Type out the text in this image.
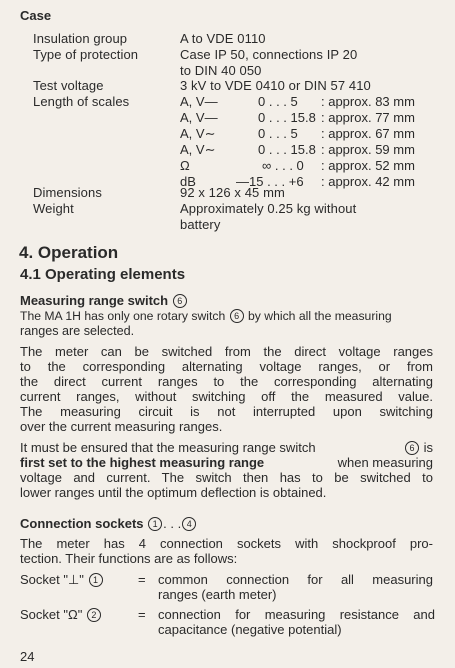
Case
Insulation group	A to VDE 0110
Type of protection	Case IP 50, connections IP 20
to DIN 40 050
Test voltage	3 kV to VDE 0410 or DIN 57 410
Length of scales	A, V—	0 . . . 5 : approx. 83 mm
A, V—	0 . . . 15.8 : approx. 77 mm
A, V∼	0 . . . 5 : approx. 67 mm
A, V∼	0 . . . 15.8 : approx. 59 mm
Ω	∞ . . . 0 : approx. 52 mm
dB	—15 . . . +6 : approx. 42 mm
Dimensions	92 x 126 x 45 mm
Weight	Approximately 0.25 kg without
battery
4. Operation
4.1 Operating elements
Measuring range switch 6
The MA 1H has only one rotary switch 6 by which all the measuring
ranges are selected.
The meter can be switched from the direct voltage ranges
to the corresponding alternating voltage ranges, or from
the direct current ranges to the corresponding alternating
current ranges, without switching off the measured value.
The measuring circuit is not interrupted upon switching
over the current measuring ranges.
It must be ensured that the measuring range switch	6 is
first set to the highest measuring range	when measuring
voltage and current. The switch then has to be switched to
lower ranges until the optimum deflection is obtained.
Connection sockets 1 . . . 4
The meter has 4 connection sockets with shockproof pro-
tection. Their functions are as follows:
Socket "⊥" 1	= common connection for all measuring
ranges (earth meter)
Socket "Ω" 2	= connection for measuring resistance and
capacitance (negative potential)
24
